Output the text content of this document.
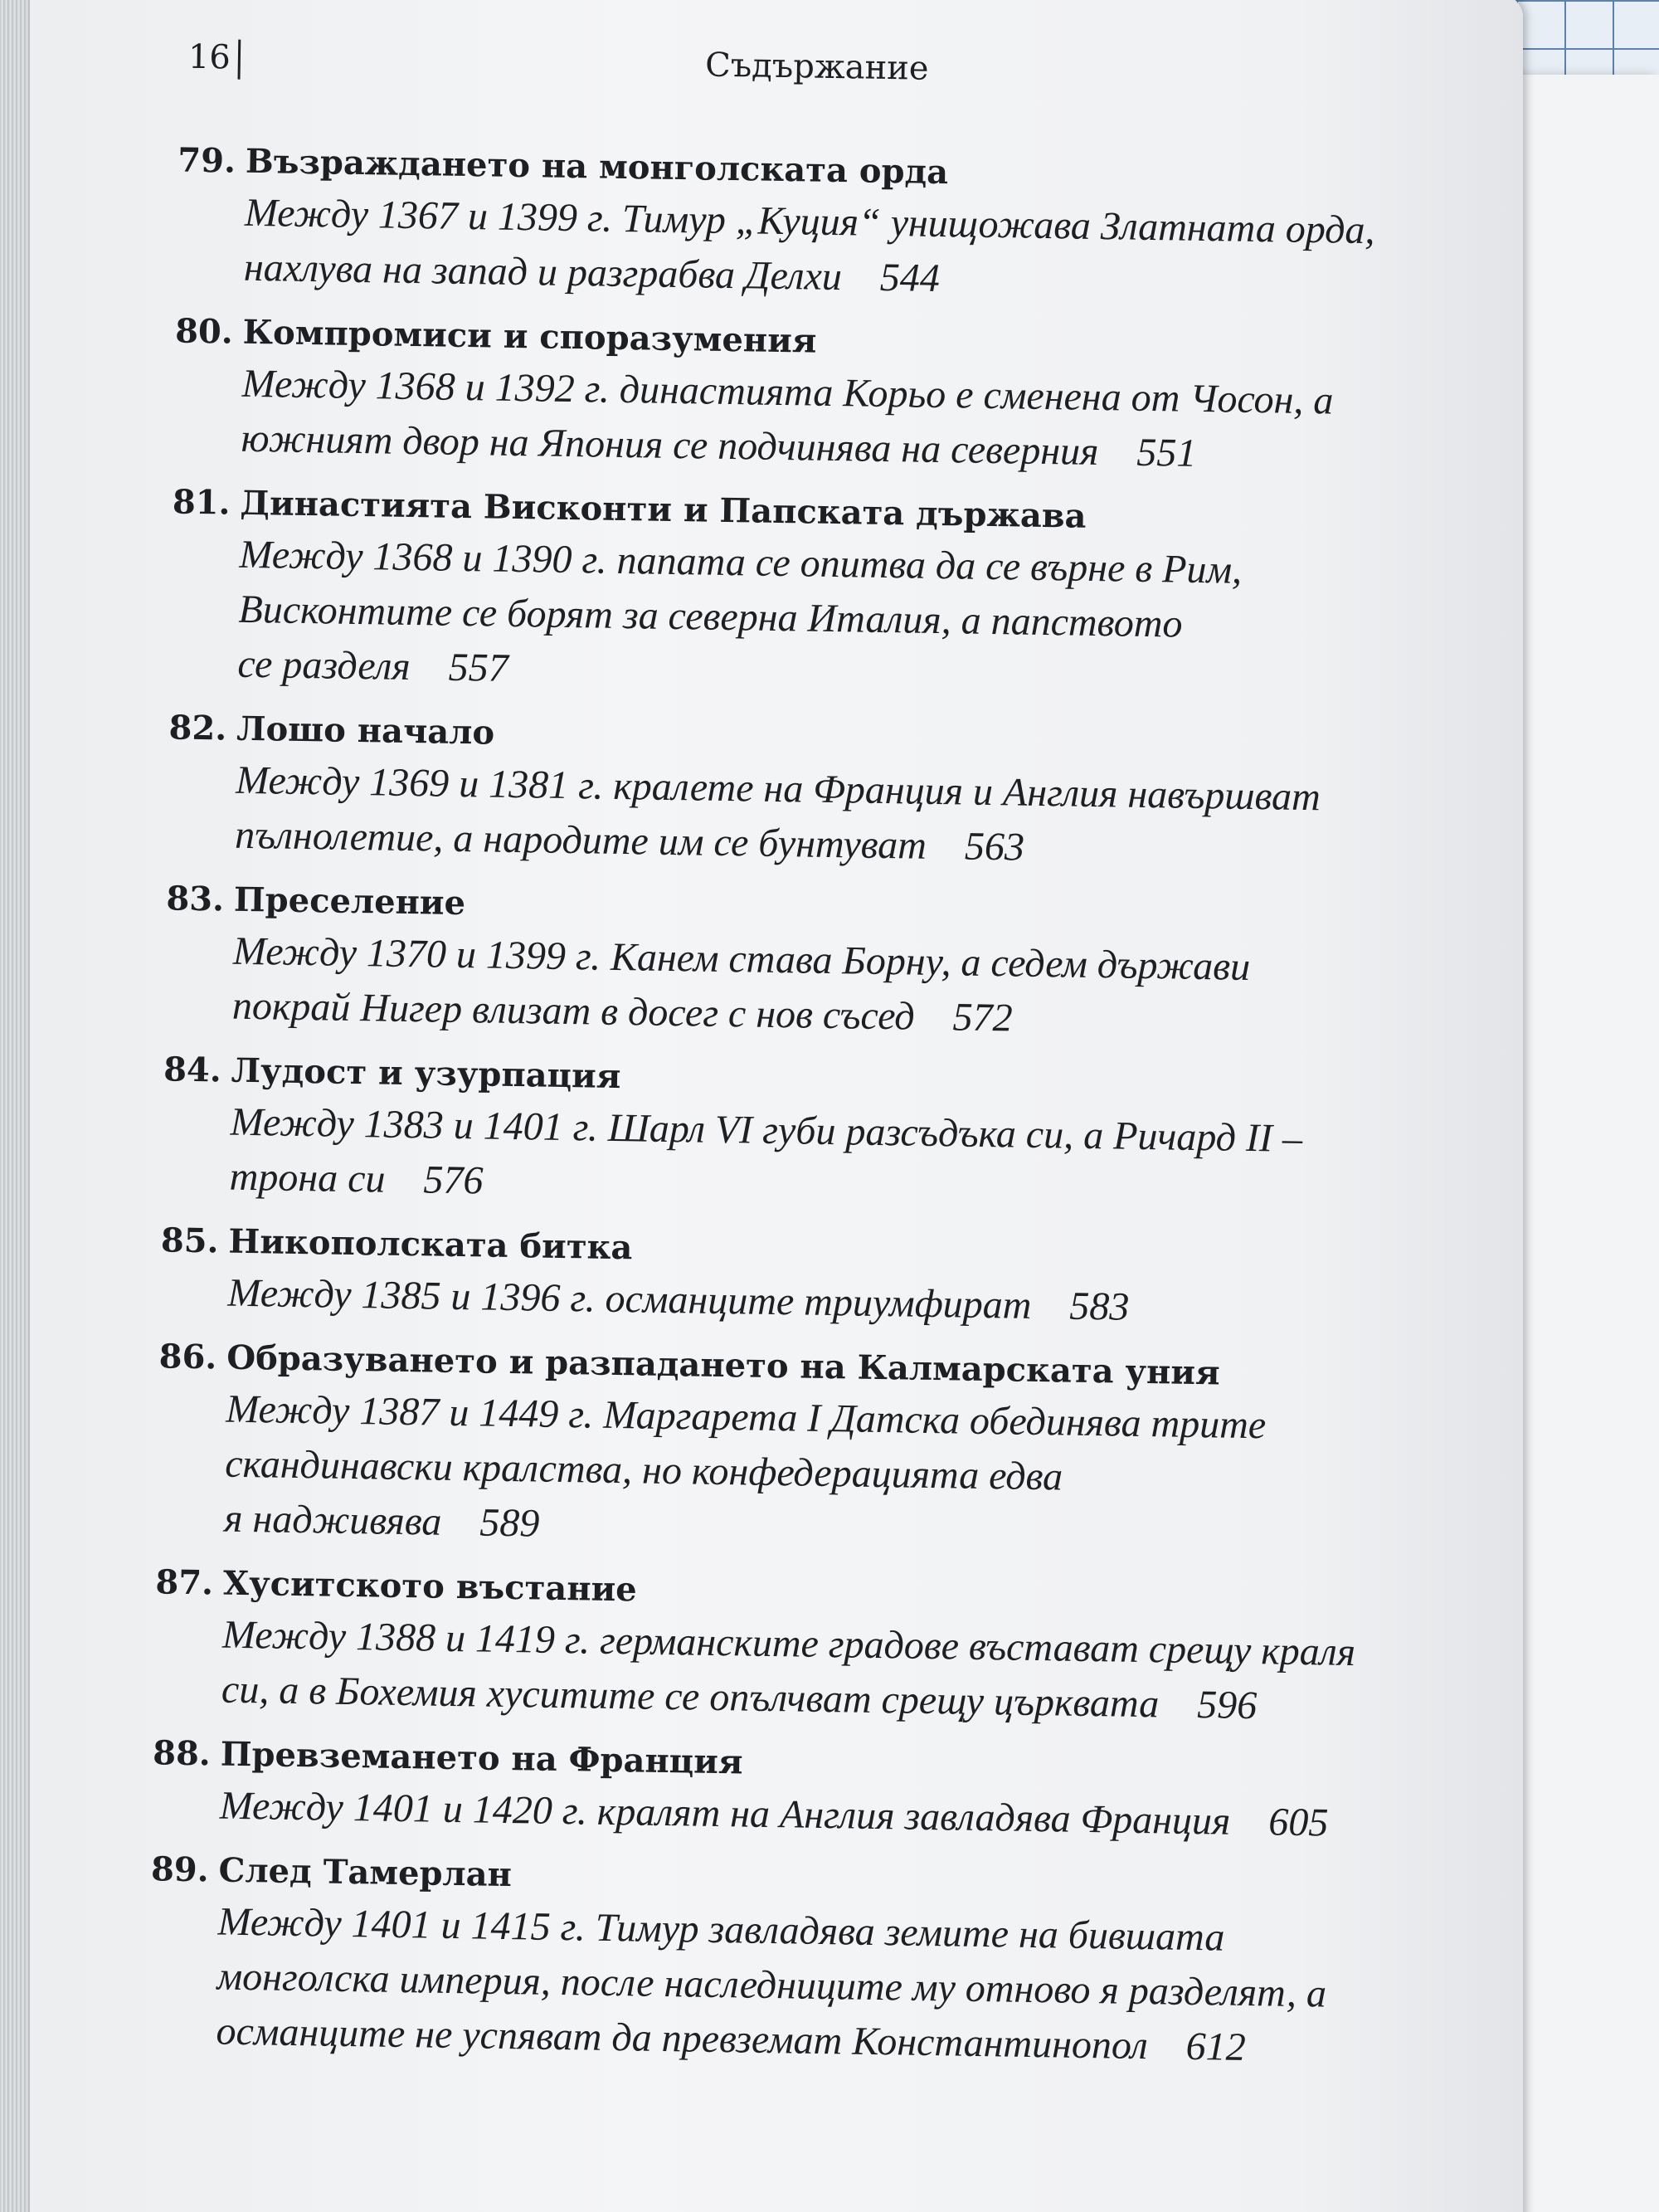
16	Съдържание
79. Възраждането на монголската орда
Между 1367 и 1399 г. Тимур „Куция“ унищожава Златната орда,
нахлува на запад и разграбва Делхи 544
80. Компромиси и споразумения
Между 1368 и 1392 г. династията Корьо е сменена от Чосон, а
южният двор на Япония се подчинява на северния 551
81. Династията Висконти и Папската държава
Между 1368 и 1390 г. папата се опитва да се върне в Рим,
Висконтите се борят за северна Италия, а папството
се разделя 557
82. Лошо начало
Между 1369 и 1381 г. кралете на Франция и Англия навършват
пълнолетие, а народите им се бунтуват 563
83. Преселение
Между 1370 и 1399 г. Канем става Борну, а седем държави
покрай Нигер влизат в досег с нов съсед 572
84. Лудост и узурпация
Между 1383 и 1401 г. Шарл VI губи разсъдъка си, а Ричард II –
трона си 576
85. Никополската битка
Между 1385 и 1396 г. османците триумфират 583
86. Образуването и разпадането на Калмарската уния
Между 1387 и 1449 г. Маргарета I Датска обединява трите
скандинавски кралства, но конфедерацията едва
я надживява 589
87. Хуситското въстание
Между 1388 и 1419 г. германските градове въстават срещу краля
си, а в Бохемия хуситите се опълчват срещу църквата 596
88. Превземането на Франция
Между 1401 и 1420 г. кралят на Англия завладява Франция 605
89. След Тамерлан
Между 1401 и 1415 г. Тимур завладява земите на бившата
монголска империя, после наследниците му отново я разделят, а
османците не успяват да превземат Константинопол 612
